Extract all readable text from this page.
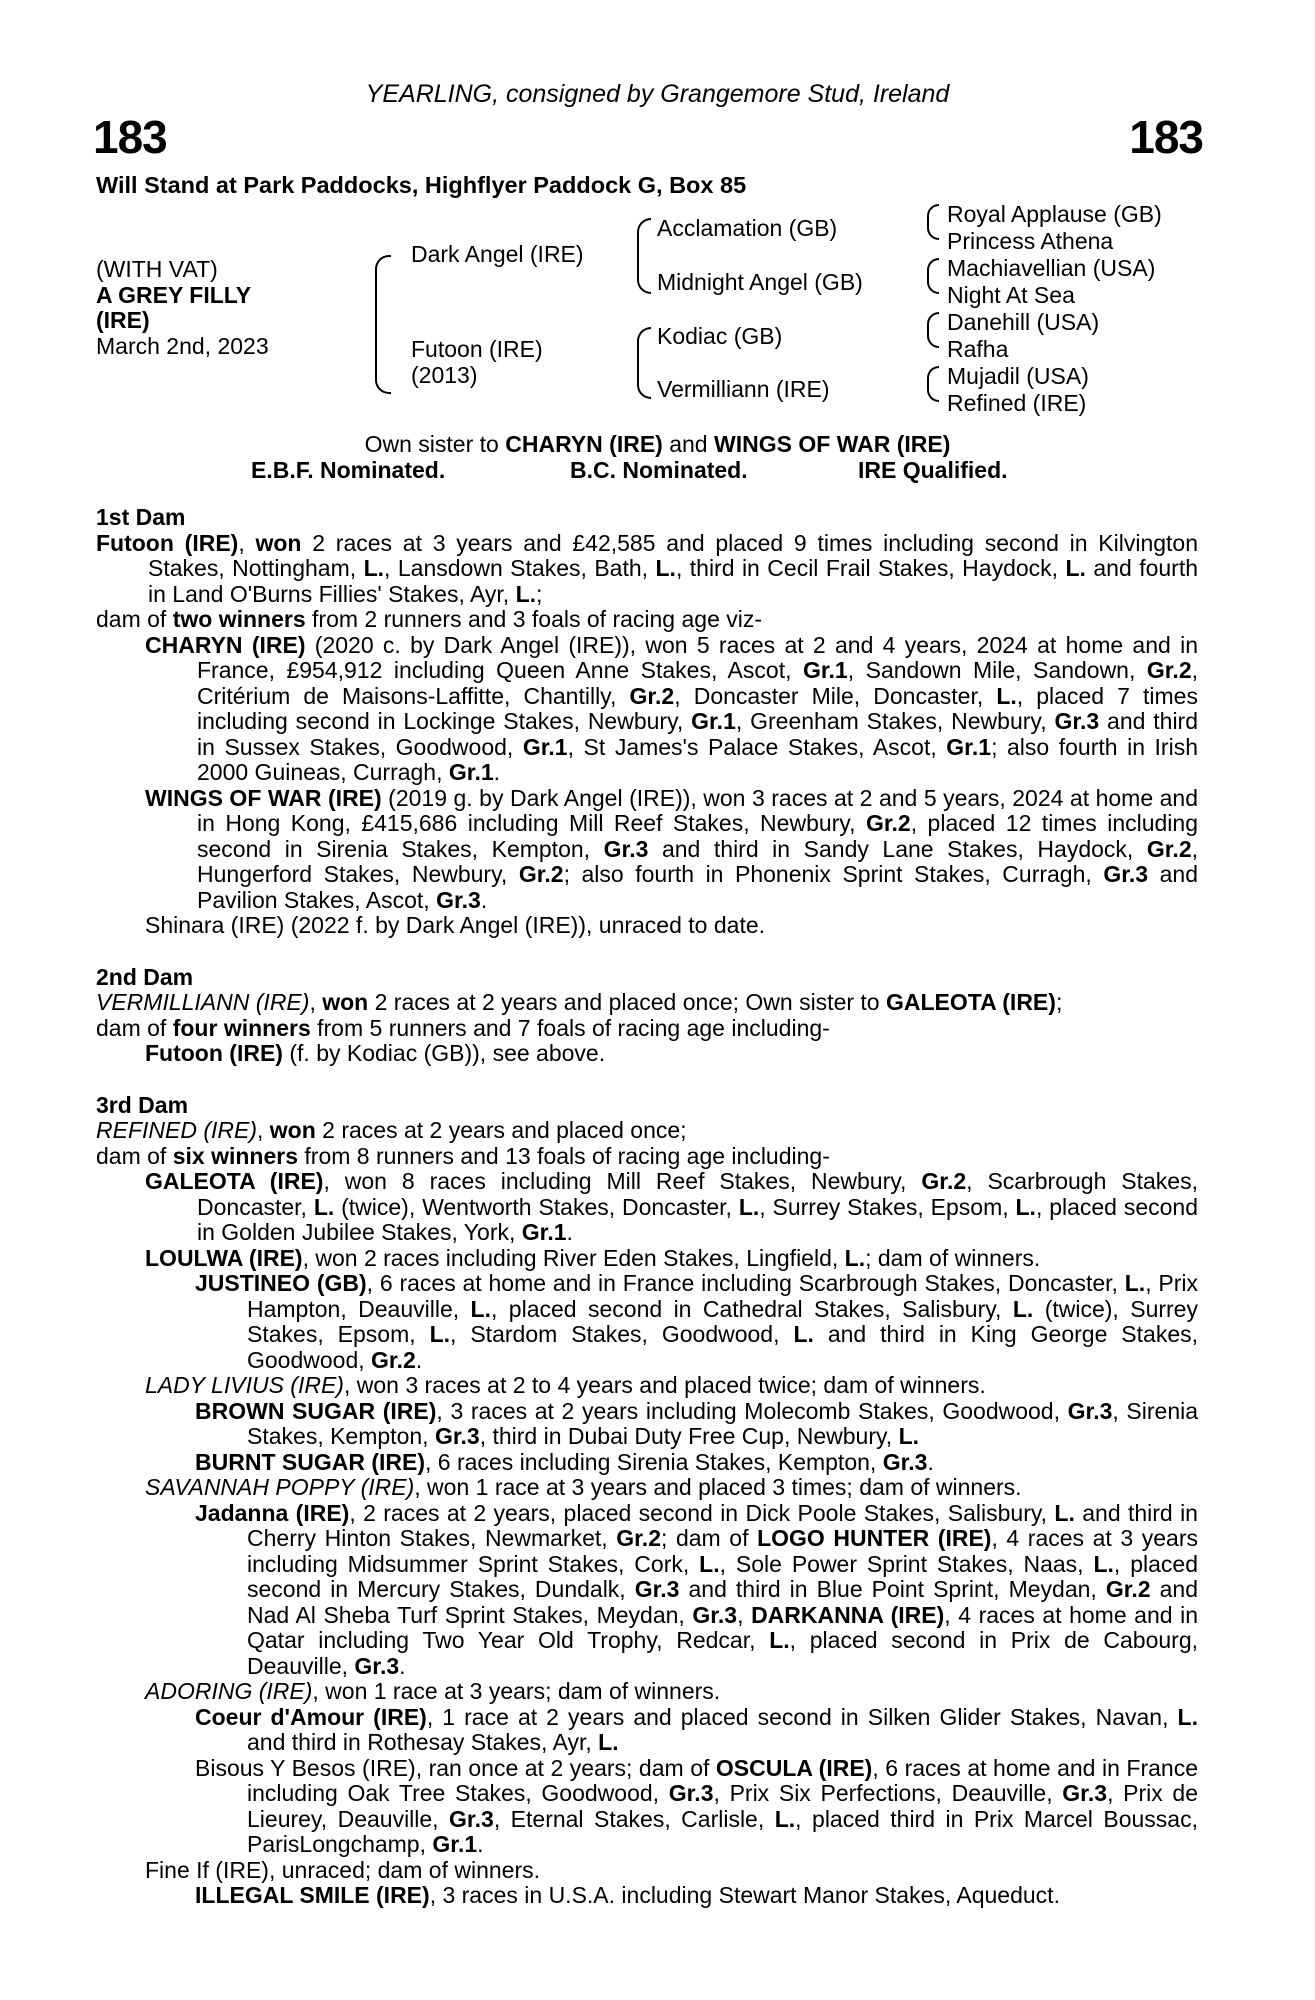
YEARLING, consigned by Grangemore Stud, Ireland
183	183
Will Stand at Park Paddocks, Highflyer Paddock G, Box 85
(WITH VAT)
A GREY FILLY
(IRE)
March 2nd, 2023
Dark Angel (IRE)
Futoon (IRE)
(2013)
Acclamation (GB)
Midnight Angel (GB)
Kodiac (GB)
Vermilliann (IRE)
Royal Applause (GB)
Princess Athena
Machiavellian (USA)
Night At Sea
Danehill (USA)
Rafha
Mujadil (USA)
Refined (IRE)
Own sister to CHARYN (IRE) and WINGS OF WAR (IRE)
E.B.F. Nominated.	B.C. Nominated.	IRE Qualified.
1st Dam

Futoon (IRE), won 2 races at 3 years and £42,585 and placed 9 times including second in Kilvington Stakes, Nottingham, L., Lansdown Stakes, Bath, L., third in Cecil Frail Stakes, Haydock, L. and fourth in Land O'Burns Fillies' Stakes, Ayr, L.;

dam of two winners from 2 runners and 3 foals of racing age viz-

CHARYN (IRE) (2020 c. by Dark Angel (IRE)), won 5 races at 2 and 4 years, 2024 at home and in France, £954,912 including Queen Anne Stakes, Ascot, Gr.1, Sandown Mile, Sandown, Gr.2, Critérium de Maisons-Laffitte, Chantilly, Gr.2, Doncaster Mile, Doncaster, L., placed 7 times including second in Lockinge Stakes, Newbury, Gr.1, Greenham Stakes, Newbury, Gr.3 and third in Sussex Stakes, Goodwood, Gr.1, St James's Palace Stakes, Ascot, Gr.1; also fourth in Irish 2000 Guineas, Curragh, Gr.1.

WINGS OF WAR (IRE) (2019 g. by Dark Angel (IRE)), won 3 races at 2 and 5 years, 2024 at home and in Hong Kong, £415,686 including Mill Reef Stakes, Newbury, Gr.2, placed 12 times including second in Sirenia Stakes, Kempton, Gr.3 and third in Sandy Lane Stakes, Haydock, Gr.2, Hungerford Stakes, Newbury, Gr.2; also fourth in Phonenix Sprint Stakes, Curragh, Gr.3 and Pavilion Stakes, Ascot, Gr.3.

Shinara (IRE) (2022 f. by Dark Angel (IRE)), unraced to date.

2nd Dam

VERMILLIANN (IRE), won 2 races at 2 years and placed once; Own sister to GALEOTA (IRE);

dam of four winners from 5 runners and 7 foals of racing age including-

Futoon (IRE) (f. by Kodiac (GB)), see above.

3rd Dam

REFINED (IRE), won 2 races at 2 years and placed once;

dam of six winners from 8 runners and 13 foals of racing age including-

GALEOTA (IRE), won 8 races including Mill Reef Stakes, Newbury, Gr.2, Scarbrough Stakes, Doncaster, L. (twice), Wentworth Stakes, Doncaster, L., Surrey Stakes, Epsom, L., placed second in Golden Jubilee Stakes, York, Gr.1.

LOULWA (IRE), won 2 races including River Eden Stakes, Lingfield, L.; dam of winners.

JUSTINEO (GB), 6 races at home and in France including Scarbrough Stakes, Doncaster, L., Prix Hampton, Deauville, L., placed second in Cathedral Stakes, Salisbury, L. (twice), Surrey Stakes, Epsom, L., Stardom Stakes, Goodwood, L. and third in King George Stakes, Goodwood, Gr.2.

LADY LIVIUS (IRE), won 3 races at 2 to 4 years and placed twice; dam of winners.

BROWN SUGAR (IRE), 3 races at 2 years including Molecomb Stakes, Goodwood, Gr.3, Sirenia Stakes, Kempton, Gr.3, third in Dubai Duty Free Cup, Newbury, L.

BURNT SUGAR (IRE), 6 races including Sirenia Stakes, Kempton, Gr.3.

SAVANNAH POPPY (IRE), won 1 race at 3 years and placed 3 times; dam of winners.

Jadanna (IRE), 2 races at 2 years, placed second in Dick Poole Stakes, Salisbury, L. and third in Cherry Hinton Stakes, Newmarket, Gr.2; dam of LOGO HUNTER (IRE), 4 races at 3 years including Midsummer Sprint Stakes, Cork, L., Sole Power Sprint Stakes, Naas, L., placed second in Mercury Stakes, Dundalk, Gr.3 and third in Blue Point Sprint, Meydan, Gr.2 and Nad Al Sheba Turf Sprint Stakes, Meydan, Gr.3, DARKANNA (IRE), 4 races at home and in Qatar including Two Year Old Trophy, Redcar, L., placed second in Prix de Cabourg, Deauville, Gr.3.

ADORING (IRE), won 1 race at 3 years; dam of winners.

Coeur d'Amour (IRE), 1 race at 2 years and placed second in Silken Glider Stakes, Navan, L. and third in Rothesay Stakes, Ayr, L.

Bisous Y Besos (IRE), ran once at 2 years; dam of OSCULA (IRE), 6 races at home and in France including Oak Tree Stakes, Goodwood, Gr.3, Prix Six Perfections, Deauville, Gr.3, Prix de Lieurey, Deauville, Gr.3, Eternal Stakes, Carlisle, L., placed third in Prix Marcel Boussac, ParisLongchamp, Gr.1.

Fine If (IRE), unraced; dam of winners.

ILLEGAL SMILE (IRE), 3 races in U.S.A. including Stewart Manor Stakes, Aqueduct.
